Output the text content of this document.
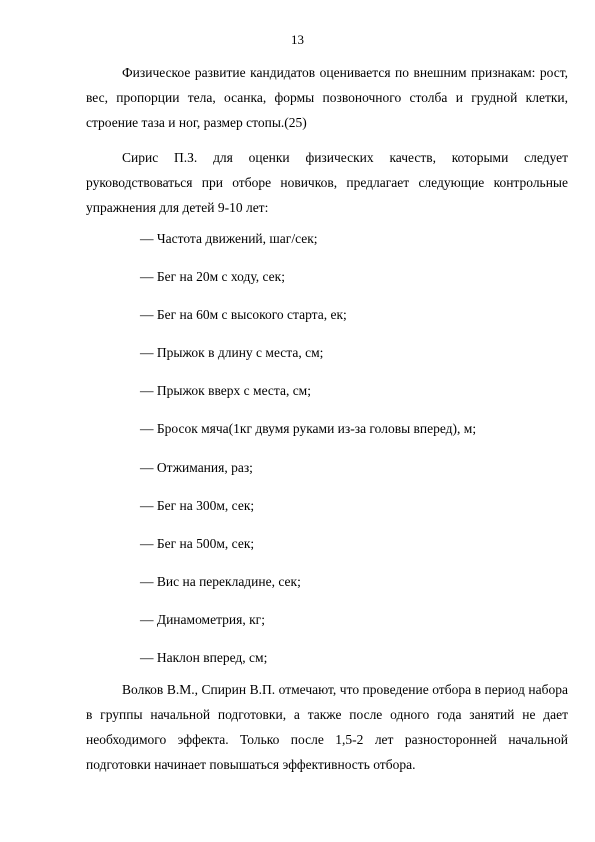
13

Физическое развитие кандидатов оценивается по внешним признакам: рост, вес, пропорции тела, осанка, формы позвоночного столба и грудной клетки, строение таза и ног, размер стопы.(25)

Сирис П.З. для оценки физических качеств, которыми следует руководствоваться при отборе новичков, предлагает следующие контрольные упражнения для детей 9-10 лет:

— Частота движений, шаг/сек;
— Бег на 20м с ходу, сек;
— Бег на 60м с высокого старта, ек;
— Прыжок в длину с места, см;
— Прыжок вверх с места, см;
— Бросок мяча(1кг двумя руками из-за головы вперед), м;
— Отжимания, раз;
— Бег на 300м, сек;
— Бег на 500м, сек;
— Вис на перекладине, сек;
— Динамометрия, кг;
— Наклон вперед, см;

Волков В.М., Спирин В.П. отмечают, что проведение отбора в период набора в группы начальной подготовки, а также после одного года занятий не дает необходимого эффекта. Только после 1,5-2 лет разносторонней начальной подготовки начинает повышаться эффективность отбора.
